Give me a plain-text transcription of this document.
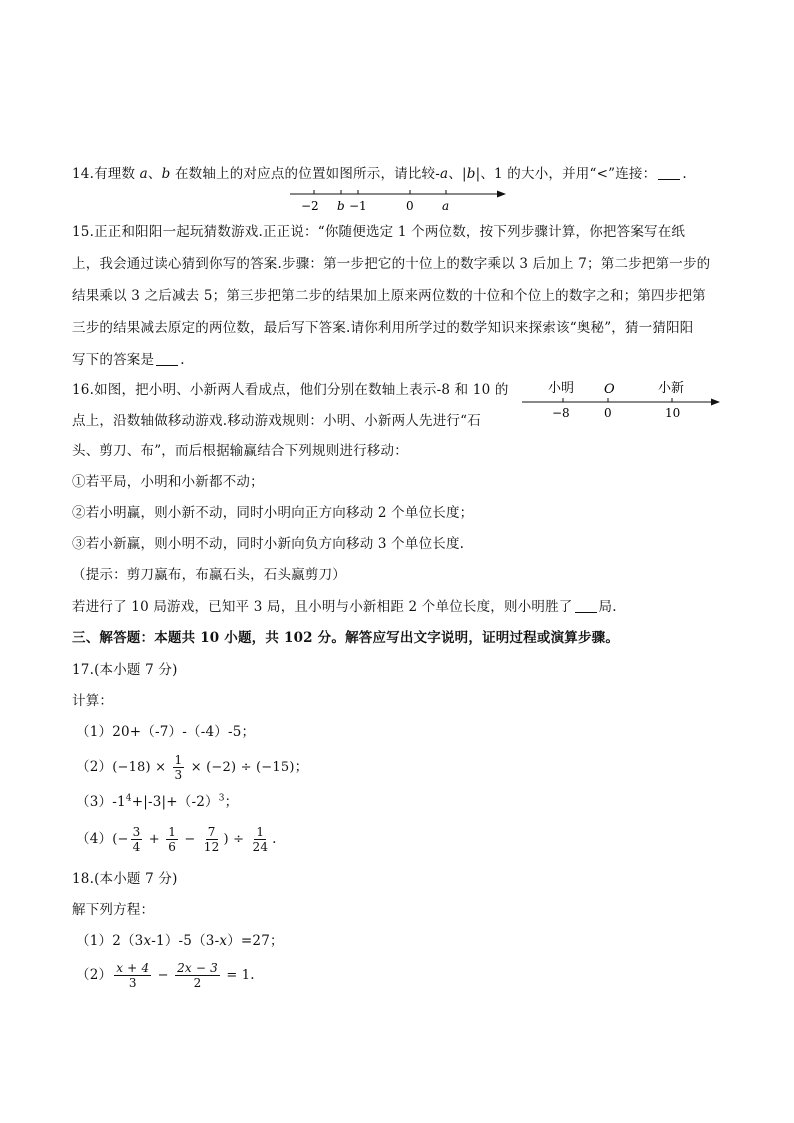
14.有理数 a、b 在数轴上的对应点的位置如图所示，请比较-a、|b|、1 的大小，并用“<”连接： .
−2 b −1	0 a
15.正正和阳阳一起玩猜数游戏.正正说：“你随便选定 1 个两位数，按下列步骤计算，你把答案写在纸
上，我会通过读心猜到你写的答案.步骤：第一步把它的十位上的数字乘以 3 后加上 7；第二步把第一步的
结果乘以 3 之后减去 5；第三步把第二步的结果加上原来两位数的十位和个位上的数字之和；第四步把第
三步的结果减去原定的两位数，最后写下答案.请你利用所学过的数学知识来探索该“奥秘”，猜一猜阳阳
写下的答案是 .
16.如图，把小明、小新两人看成点，他们分别在数轴上表示-8 和 10 的
点上，沿数轴做移动游戏.移动游戏规则：小明、小新两人先进行“石
头、剪刀、布”，而后根据输赢结合下列规则进行移动：
小明 O	小新
−8	0	10
①若平局，小明和小新都不动；
②若小明赢，则小新不动，同时小明向正方向移动 2 个单位长度；
③若小新赢，则小明不动，同时小新向负方向移动 3 个单位长度.
（提示：剪刀赢布，布赢石头，石头赢剪刀）
若进行了 10 局游戏，已知平 3 局，且小明与小新相距 2 个单位长度，则小明胜了 局.
三、解答题：本题共 10 小题，共 102 分。解答应写出文字说明，证明过程或演算步骤。
17.(本小题 7 分)
计算：
（1）20+（-7）-（-4）-5；
$(2)(-18) \times \frac{1}{3} \times (-2) \div (-15)$；
$(3)-1^4+|-3|+(-2)^3$；
$(4)(- \frac{3}{4} + \frac{1}{6} - \frac{7}{12}$ ) ÷ $\frac{1}{24}$ .
18.(本小题 7 分)
解下列方程：
（1）2（3x-1）-5（3-x）=27；
$(2) \frac{x + 4}{3} - \frac{2x - 3}{2} = 1$.
